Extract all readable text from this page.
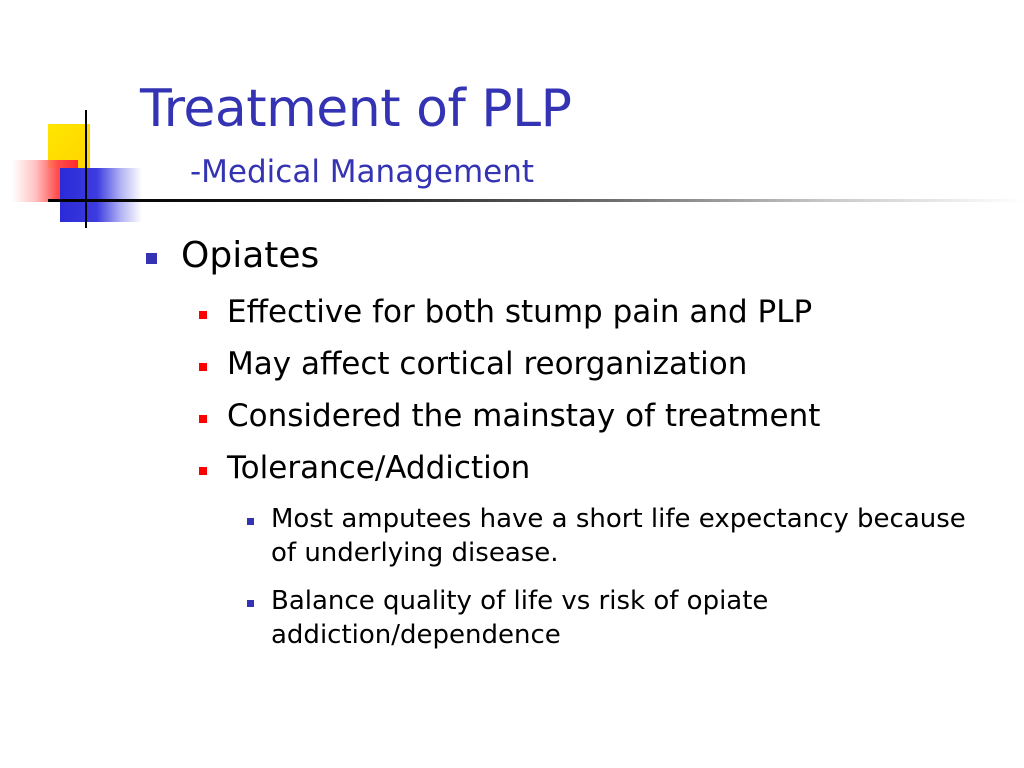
Treatment of PLP
-Medical Management
Opiates
Effective for both stump pain and PLP
May affect cortical reorganization
Considered the mainstay of treatment
Tolerance/Addiction
Most amputees have a short life expectancy because of underlying disease.
Balance quality of life vs risk of opiate addiction/dependence
